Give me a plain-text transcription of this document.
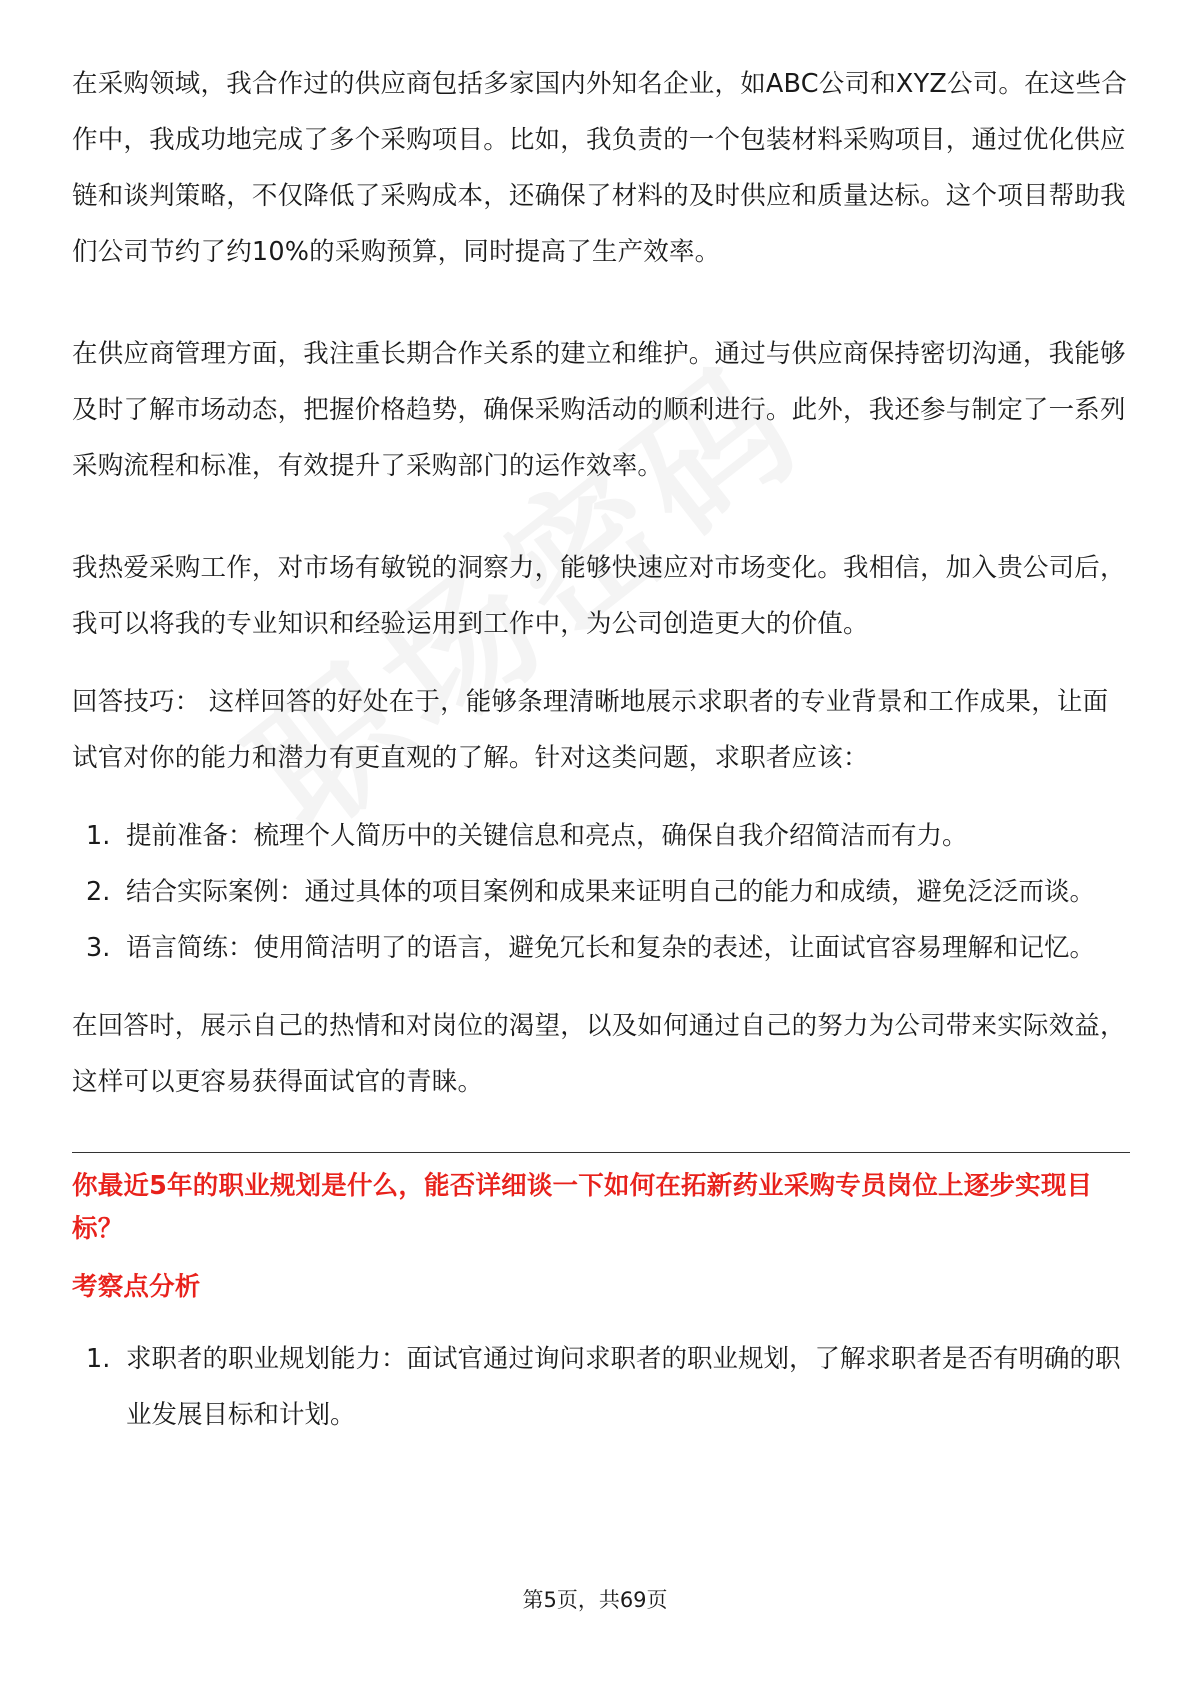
在采购领域，我合作过的供应商包括多家国内外知名企业，如ABC公司和XYZ公司。在这些合作中，我成功地完成了多个采购项目。比如，我负责的一个包装材料采购项目，通过优化供应链和谈判策略，不仅降低了采购成本，还确保了材料的及时供应和质量达标。这个项目帮助我们公司节约了约10%的采购预算，同时提高了生产效率。

在供应商管理方面，我注重长期合作关系的建立和维护。通过与供应商保持密切沟通，我能够及时了解市场动态，把握价格趋势，确保采购活动的顺利进行。此外，我还参与制定了一系列采购流程和标准，有效提升了采购部门的运作效率。

我热爱采购工作，对市场有敏锐的洞察力，能够快速应对市场变化。我相信，加入贵公司后，我可以将我的专业知识和经验运用到工作中，为公司创造更大的价值。

回答技巧： 这样回答的好处在于，能够条理清晰地展示求职者的专业背景和工作成果，让面试官对你的能力和潜力有更直观的了解。针对这类问题，求职者应该：

1. 提前准备：梳理个人简历中的关键信息和亮点，确保自我介绍简洁而有力。
2. 结合实际案例：通过具体的项目案例和成果来证明自己的能力和成绩，避免泛泛而谈。
3. 语言简练：使用简洁明了的语言，避免冗长和复杂的表述，让面试官容易理解和记忆。

在回答时，展示自己的热情和对岗位的渴望，以及如何通过自己的努力为公司带来实际效益，这样可以更容易获得面试官的青睐。

你最近5年的职业规划是什么，能否详细谈一下如何在拓新药业采购专员岗位上逐步实现目标？

考察点分析

1. 求职者的职业规划能力：面试官通过询问求职者的职业规划，了解求职者是否有明确的职业发展目标和计划。
第5页，共69页
